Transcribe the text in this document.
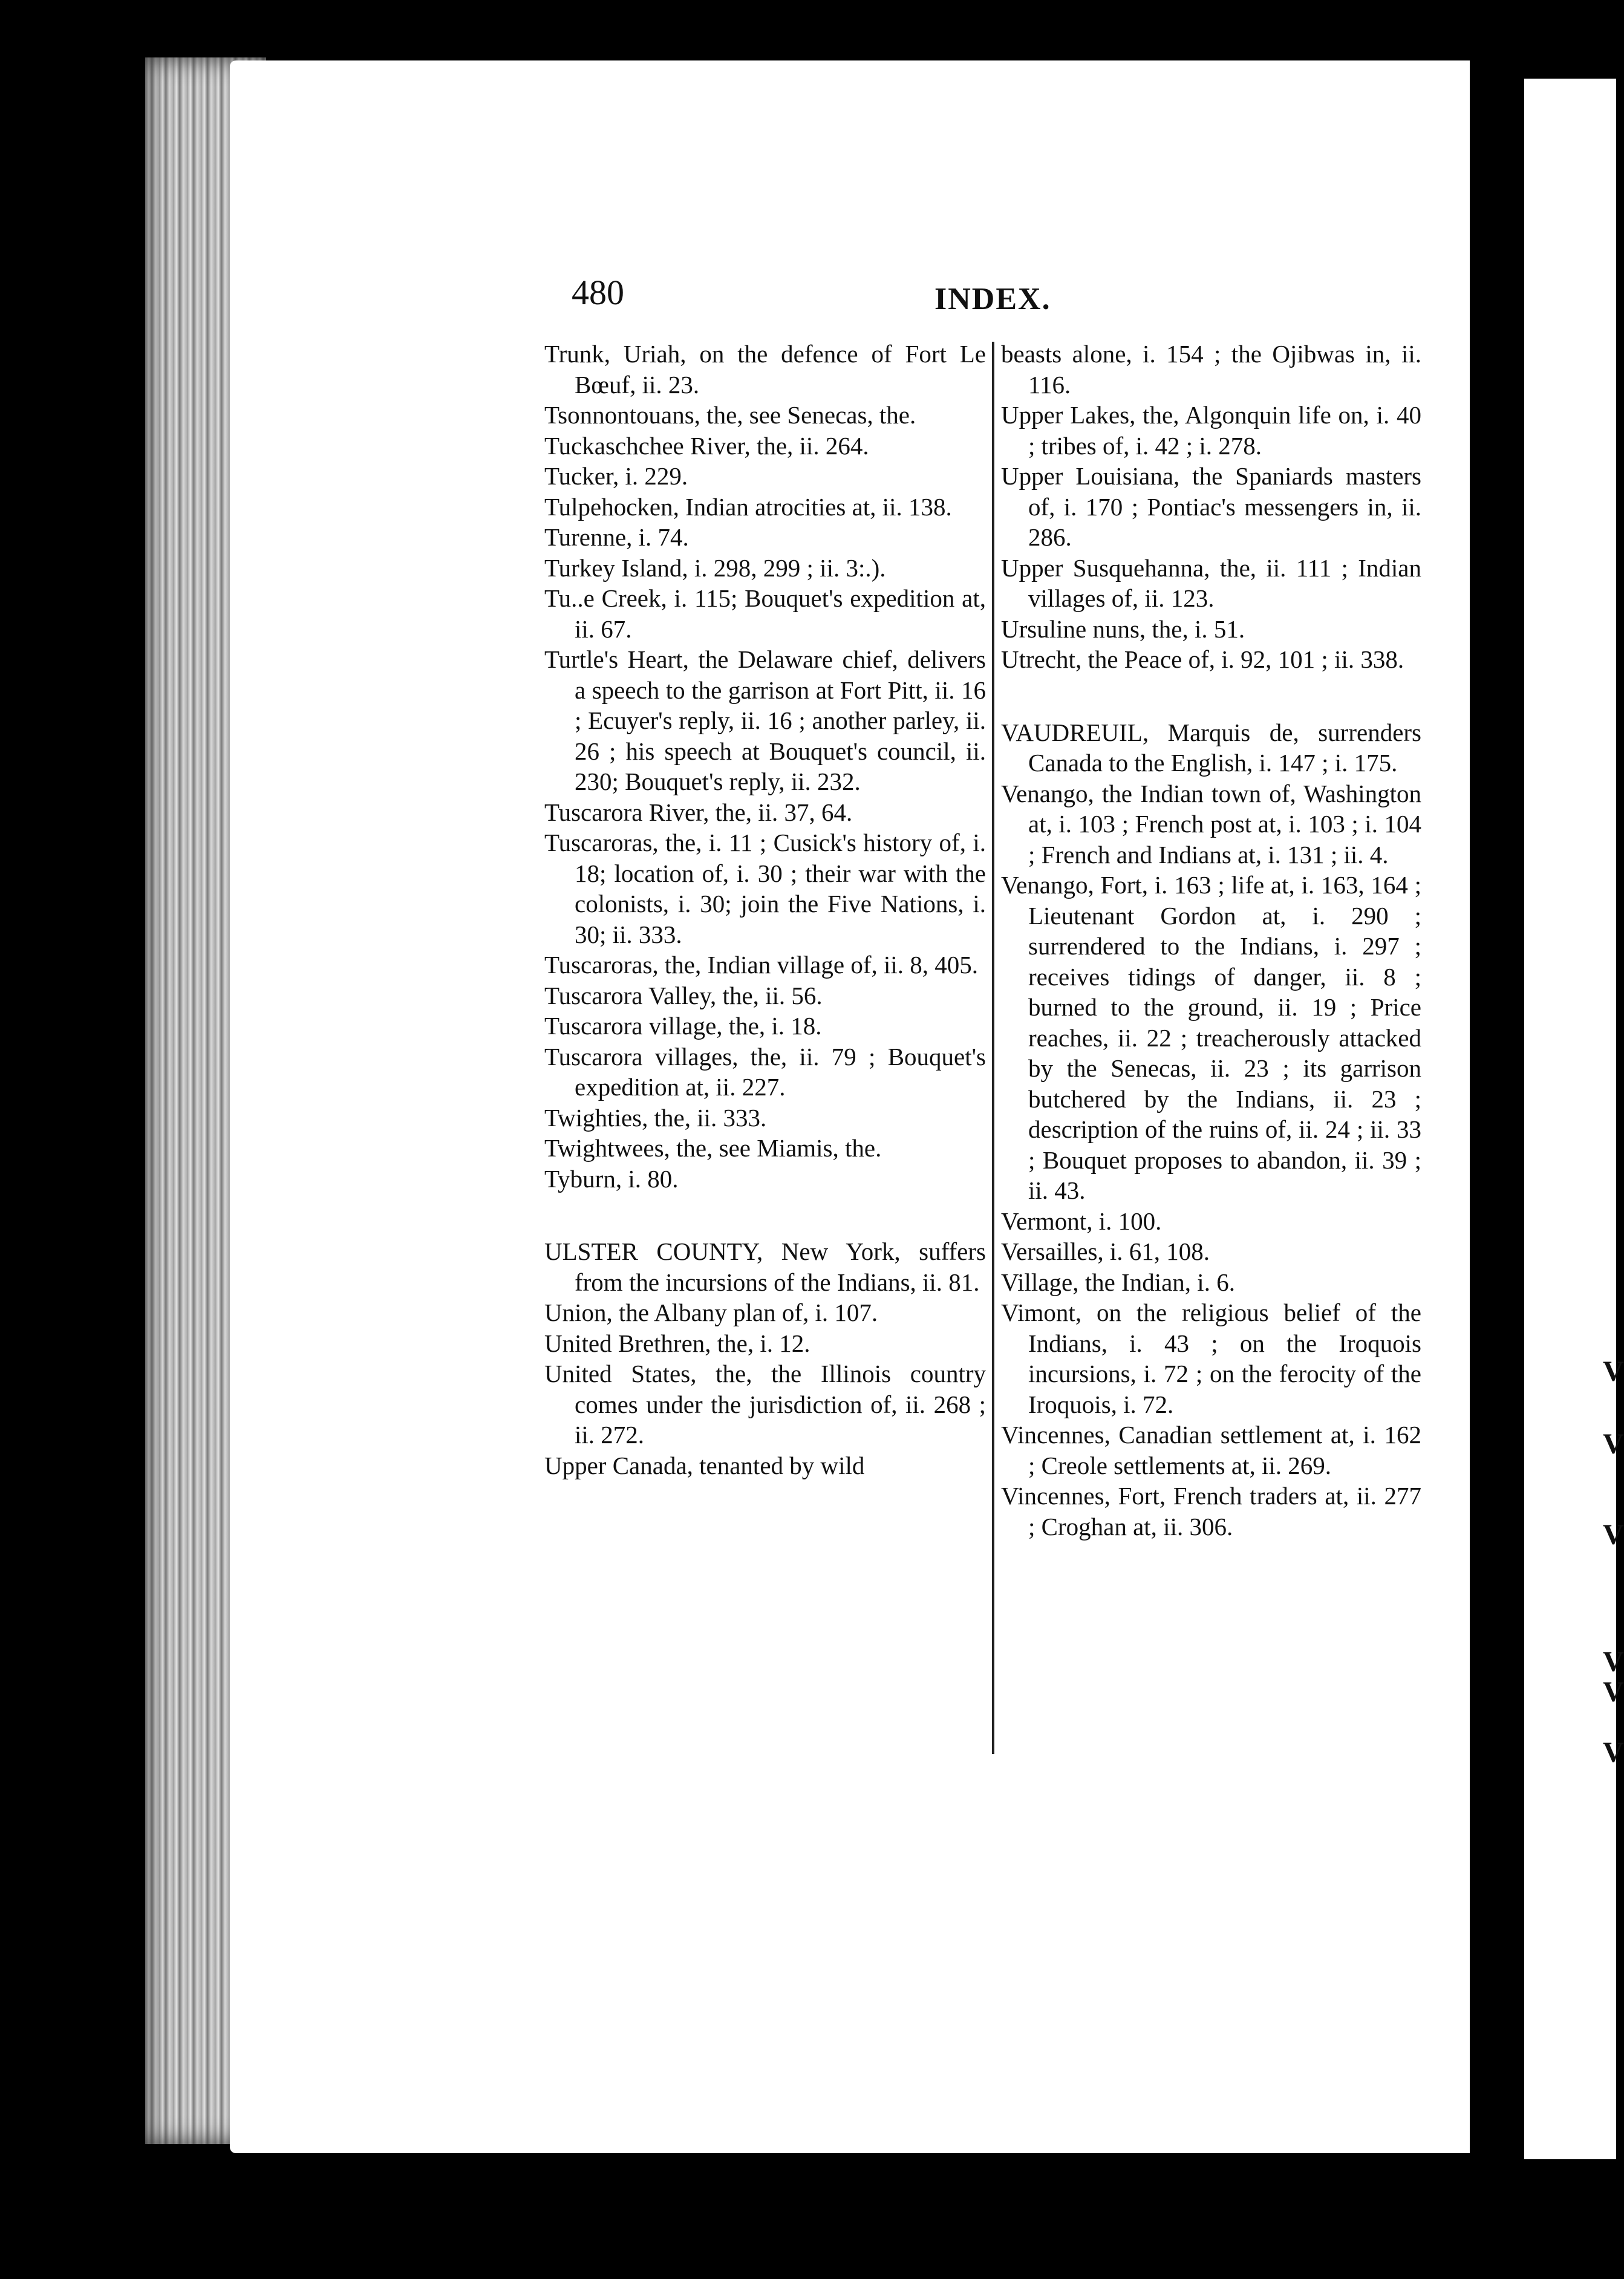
V
V
V
V
V
V
480	INDEX.
Trunk, Uriah, on the defence of Fort Le Bœuf, ii. 23.
Tsonnontouans, the, see Senecas, the.
Tuckaschchee River, the, ii. 264.
Tucker, i. 229.
Tulpehocken, Indian atrocities at, ii. 138.
Turenne, i. 74.
Turkey Island, i. 298, 299 ; ii. 3:.).
Tu..e Creek, i. 115; Bouquet's expedition at, ii. 67.
Turtle's Heart, the Delaware chief, delivers a speech to the garrison at Fort Pitt, ii. 16 ; Ecuyer's reply, ii. 16 ; another parley, ii. 26 ; his speech at Bouquet's council, ii. 230; Bouquet's reply, ii. 232.
Tuscarora River, the, ii. 37, 64.
Tuscaroras, the, i. 11 ; Cusick's history of, i. 18; location of, i. 30 ; their war with the colonists, i. 30; join the Five Nations, i. 30; ii. 333.
Tuscaroras, the, Indian village of, ii. 8, 405.
Tuscarora Valley, the, ii. 56.
Tuscarora village, the, i. 18.
Tuscarora villages, the, ii. 79 ; Bouquet's expedition at, ii. 227.
Twighties, the, ii. 333.
Twightwees, the, see Miamis, the.
Tyburn, i. 80.
ULSTER COUNTY, New York, suffers from the incursions of the Indians, ii. 81.
Union, the Albany plan of, i. 107.
United Brethren, the, i. 12.
United States, the, the Illinois country comes under the jurisdiction of, ii. 268 ; ii. 272.
Upper Canada, tenanted by wild
beasts alone, i. 154 ; the Ojibwas in, ii. 116.
Upper Lakes, the, Algonquin life on, i. 40 ; tribes of, i. 42 ; i. 278.
Upper Louisiana, the Spaniards masters of, i. 170 ; Pontiac's messengers in, ii. 286.
Upper Susquehanna, the, ii. 111 ; Indian villages of, ii. 123.
Ursuline nuns, the, i. 51.
Utrecht, the Peace of, i. 92, 101 ; ii. 338.
VAUDREUIL, Marquis de, surrenders Canada to the English, i. 147 ; i. 175.
Venango, the Indian town of, Washington at, i. 103 ; French post at, i. 103 ; i. 104 ; French and Indians at, i. 131 ; ii. 4.
Venango, Fort, i. 163 ; life at, i. 163, 164 ; Lieutenant Gordon at, i. 290 ; surrendered to the Indians, i. 297 ; receives tidings of danger, ii. 8 ; burned to the ground, ii. 19 ; Price reaches, ii. 22 ; treacherously attacked by the Senecas, ii. 23 ; its garrison butchered by the Indians, ii. 23 ; description of the ruins of, ii. 24 ; ii. 33 ; Bouquet proposes to abandon, ii. 39 ; ii. 43.
Vermont, i. 100.
Versailles, i. 61, 108.
Village, the Indian, i. 6.
Vimont, on the religious belief of the Indians, i. 43 ; on the Iroquois incursions, i. 72 ; on the ferocity of the Iroquois, i. 72.
Vincennes, Canadian settlement at, i. 162 ; Creole settlements at, ii. 269.
Vincennes, Fort, French traders at, ii. 277 ; Croghan at, ii. 306.
